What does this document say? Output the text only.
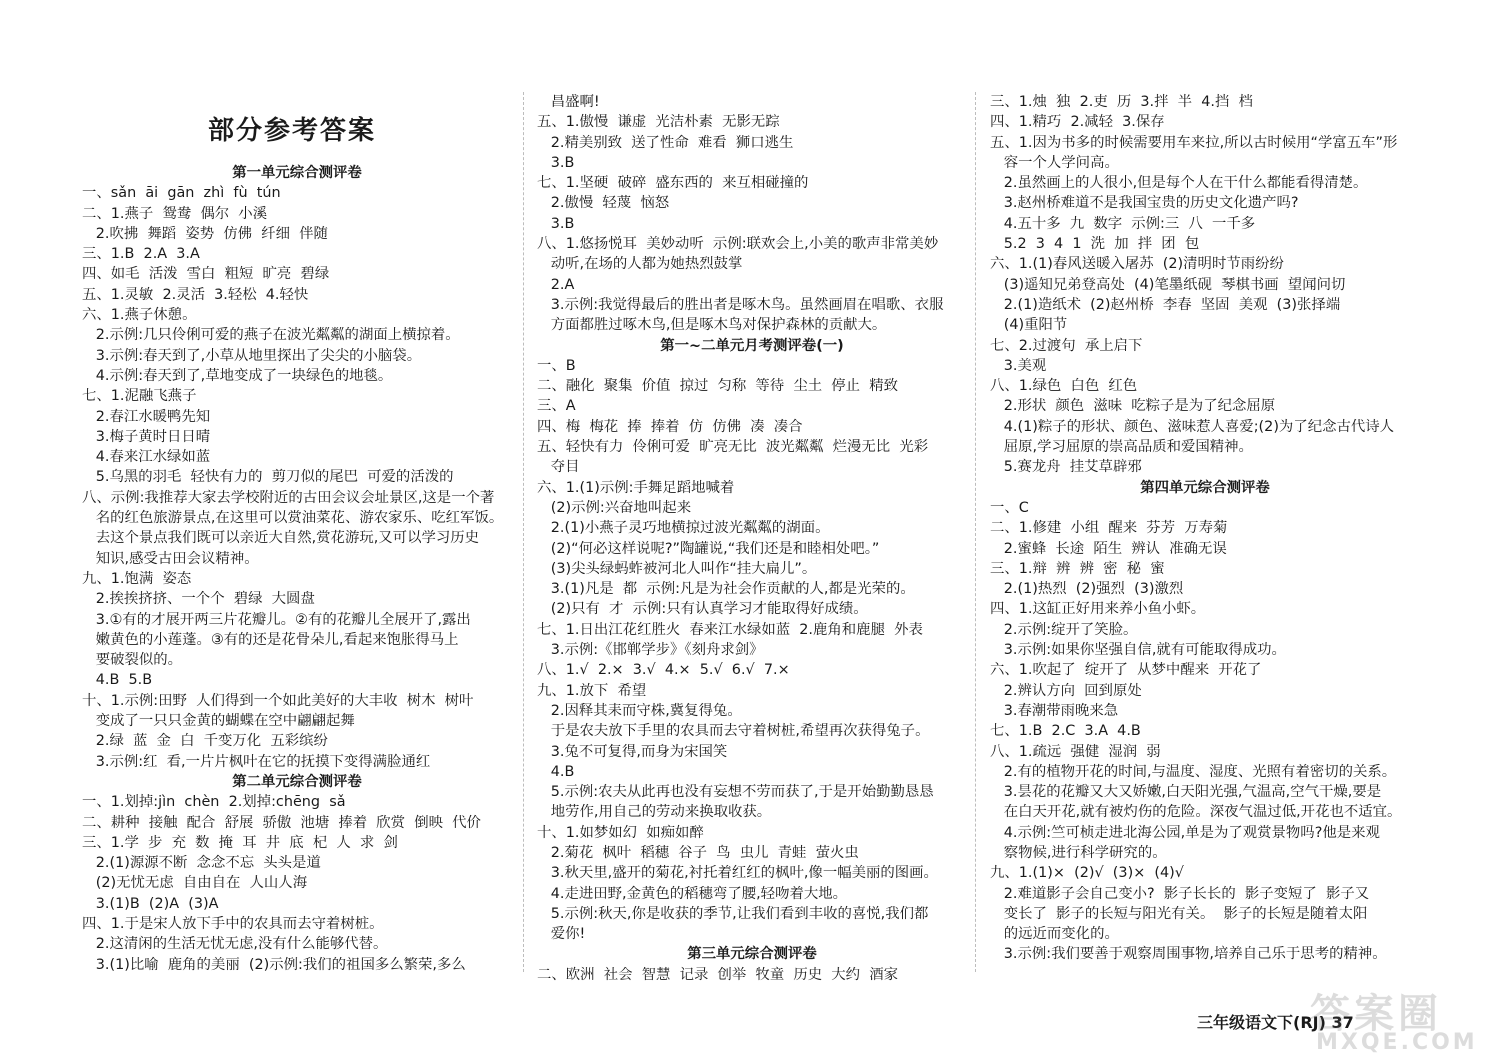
部分参考答案
第一单元综合测评卷
一、sǎn  āi  gān  zhì  fù  tún
二、1.燕子  鸳鸯  偶尔  小溪
2.吹拂  舞蹈  姿势  仿佛  纤细  伴随
三、1.B  2.A  3.A
四、如毛  活泼  雪白  粗短  旷亮  碧绿
五、1.灵敏  2.灵活  3.轻松  4.轻快
六、1.燕子休憩。
2.示例:几只伶俐可爱的燕子在波光粼粼的湖面上横掠着。
3.示例:春天到了,小草从地里探出了尖尖的小脑袋。
4.示例:春天到了,草地变成了一块绿色的地毯。
七、1.泥融飞燕子
2.春江水暖鸭先知
3.梅子黄时日日晴
4.春来江水绿如蓝
5.乌黑的羽毛  轻快有力的  剪刀似的尾巴  可爱的活泼的
八、示例:我推荐大家去学校附近的古田会议会址景区,这是一个著
名的红色旅游景点,在这里可以赏油菜花、游农家乐、吃红军饭。
去这个景点我们既可以亲近大自然,赏花游玩,又可以学习历史
知识,感受古田会议精神。
九、1.饱满  姿态
2.挨挨挤挤、一个个  碧绿  大圆盘
3.①有的才展开两三片花瓣儿。②有的花瓣儿全展开了,露出
嫩黄色的小莲蓬。③有的还是花骨朵儿,看起来饱胀得马上
要破裂似的。
4.B  5.B
十、1.示例:田野  人们得到一个如此美好的大丰收  树木  树叶
变成了一只只金黄的蝴蝶在空中翩翩起舞
2.绿  蓝  金  白  千变万化  五彩缤纷
3.示例:红  看,一片片枫叶在它的抚摸下变得满脸通红
第二单元综合测评卷
一、1.划掉:jìn  chèn  2.划掉:chēng  sǎ
二、耕种  接触  配合  舒展  骄傲  池塘  捧着  欣赏  倒映  代价
三、1.学  步  充  数  掩  耳  井  底  杞  人  求  剑
2.(1)源源不断  念念不忘  头头是道
(2)无忧无虑  自由自在  人山人海
3.(1)B  (2)A  (3)A
四、1.于是宋人放下手中的农具而去守着树桩。
2.这清闲的生活无忧无虑,没有什么能够代替。
3.(1)比喻  鹿角的美丽  (2)示例:我们的祖国多么繁荣,多么
昌盛啊!
五、1.傲慢  谦虚  光洁朴素  无影无踪
2.精美别致  送了性命  难看  狮口逃生
3.B
七、1.坚硬  破碎  盛东西的  来互相碰撞的
2.傲慢  轻蔑  恼怒
3.B
八、1.悠扬悦耳  美妙动听  示例:联欢会上,小美的歌声非常美妙
动听,在场的人都为她热烈鼓掌
2.A
3.示例:我觉得最后的胜出者是啄木鸟。虽然画眉在唱歌、衣服
方面都胜过啄木鸟,但是啄木鸟对保护森林的贡献大。
第一~二单元月考测评卷(一)
一、B
二、融化  聚集  价值  掠过  匀称  等待  尘土  停止  精致
三、A
四、梅  梅花  捧  捧着  仿  仿佛  凑  凑合
五、轻快有力  伶俐可爱  旷亮无比  波光粼粼  烂漫无比  光彩
夺目
六、1.(1)示例:手舞足蹈地喊着
(2)示例:兴奋地叫起来
2.(1)小燕子灵巧地横掠过波光粼粼的湖面。
(2)“何必这样说呢?”陶罐说,“我们还是和睦相处吧。”
(3)尖头绿蚂蚱被河北人叫作“挂大扁儿”。
3.(1)凡是  都  示例:凡是为社会作贡献的人,都是光荣的。
(2)只有  才  示例:只有认真学习才能取得好成绩。
七、1.日出江花红胜火  春来江水绿如蓝  2.鹿角和鹿腿  外表
3.示例:《邯郸学步》《刻舟求剑》
八、1.√  2.×  3.√  4.×  5.√  6.√  7.×
九、1.放下  希望
2.因释其耒而守株,冀复得兔。
于是农夫放下手里的农具而去守着树桩,希望再次获得兔子。
3.兔不可复得,而身为宋国笑
4.B
5.示例:农夫从此再也没有妄想不劳而获了,于是开始勤勤恳恳
地劳作,用自己的劳动来换取收获。
十、1.如梦如幻  如痴如醉
2.菊花  枫叶  稻穗  谷子  鸟  虫儿  青蛙  萤火虫
3.秋天里,盛开的菊花,衬托着红红的枫叶,像一幅美丽的图画。
4.走进田野,金黄色的稻穗弯了腰,轻吻着大地。
5.示例:秋天,你是收获的季节,让我们看到丰收的喜悦,我们都
爱你!
第三单元综合测评卷
二、欧洲  社会  智慧  记录  创举  牧童  历史  大约  酒家
三、1.烛  独  2.吏  历  3.拌  半  4.挡  档
四、1.精巧  2.减轻  3.保存
五、1.因为书多的时候需要用车来拉,所以古时候用“学富五车”形
容一个人学问高。
2.虽然画上的人很小,但是每个人在干什么都能看得清楚。
3.赵州桥难道不是我国宝贵的历史文化遗产吗?
4.五十多  九  数字  示例:三  八  一千多
5.2  3  4  1  洗  加  拌  团  包
六、1.(1)春风送暖入屠苏  (2)清明时节雨纷纷
(3)遥知兄弟登高处  (4)笔墨纸砚  琴棋书画  望闻问切
2.(1)造纸术  (2)赵州桥  李春  坚固  美观  (3)张择端
(4)重阳节
七、2.过渡句  承上启下
3.美观
八、1.绿色  白色  红色
2.形状  颜色  滋味  吃粽子是为了纪念屈原
4.(1)粽子的形状、颜色、滋味惹人喜爱;(2)为了纪念古代诗人
屈原,学习屈原的崇高品质和爱国精神。
5.赛龙舟  挂艾草辟邪
第四单元综合测评卷
一、C
二、1.修建  小组  醒来  芬芳  万寿菊
2.蜜蜂  长途  陌生  辨认  准确无误
三、1.辩  辨  辨  密  秘  蜜
2.(1)热烈  (2)强烈  (3)激烈
四、1.这缸正好用来养小鱼小虾。
2.示例:绽开了笑脸。
3.示例:如果你坚强自信,就有可能取得成功。
六、1.吹起了  绽开了  从梦中醒来  开花了
2.辨认方向  回到原处
3.春潮带雨晚来急
七、1.B  2.C  3.A  4.B
八、1.疏远  强健  湿润  弱
2.有的植物开花的时间,与温度、湿度、光照有着密切的关系。
3.昙花的花瓣又大又娇嫩,白天阳光强,气温高,空气干燥,要是
在白天开花,就有被灼伤的危险。深夜气温过低,开花也不适宜。
4.示例:竺可桢走进北海公园,单是为了观赏景物吗?他是来观
察物候,进行科学研究的。
九、1.(1)×  (2)√  (3)×  (4)√
2.难道影子会自己变小?  影子长长的  影子变短了  影子又
变长了  影子的长短与阳光有关。  影子的长短是随着太阳
的远近而变化的。
3.示例:我们要善于观察周围事物,培养自己乐于思考的精神。
三年级语文下(RJ) 37
答案圈
MXQE.COM
